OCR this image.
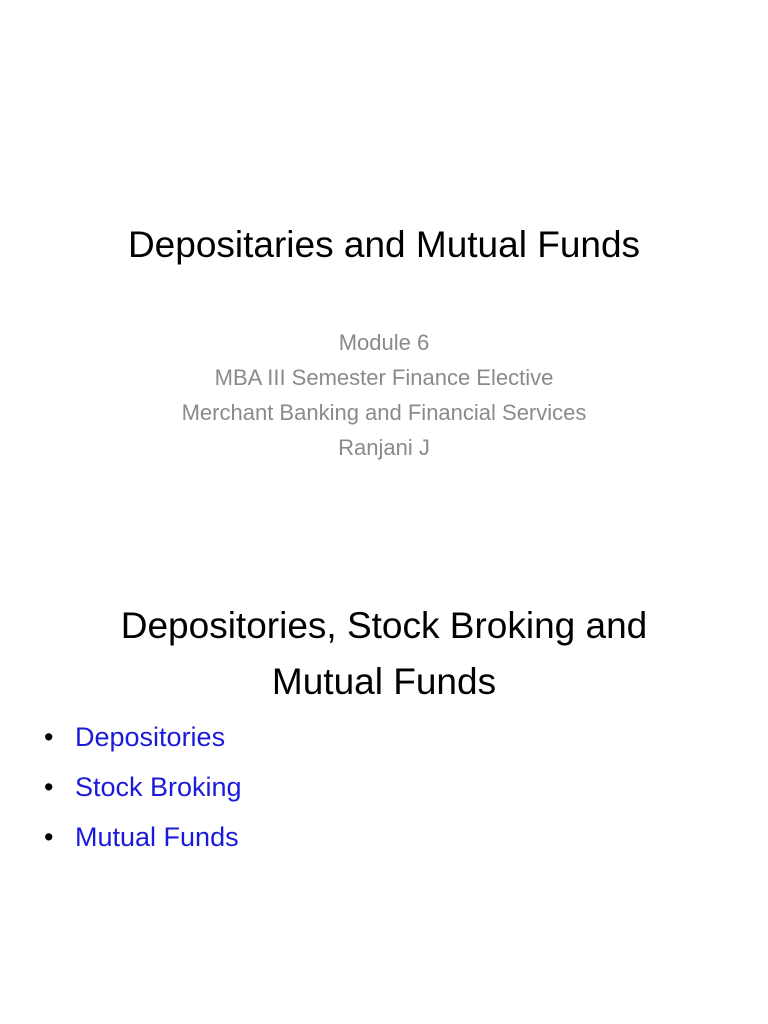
Depositaries and Mutual Funds
Module 6
MBA III Semester Finance Elective
Merchant Banking and Financial Services
Ranjani J
Depositories, Stock Broking and
Mutual Funds
• Depositories
• Stock Broking
• Mutual Funds
